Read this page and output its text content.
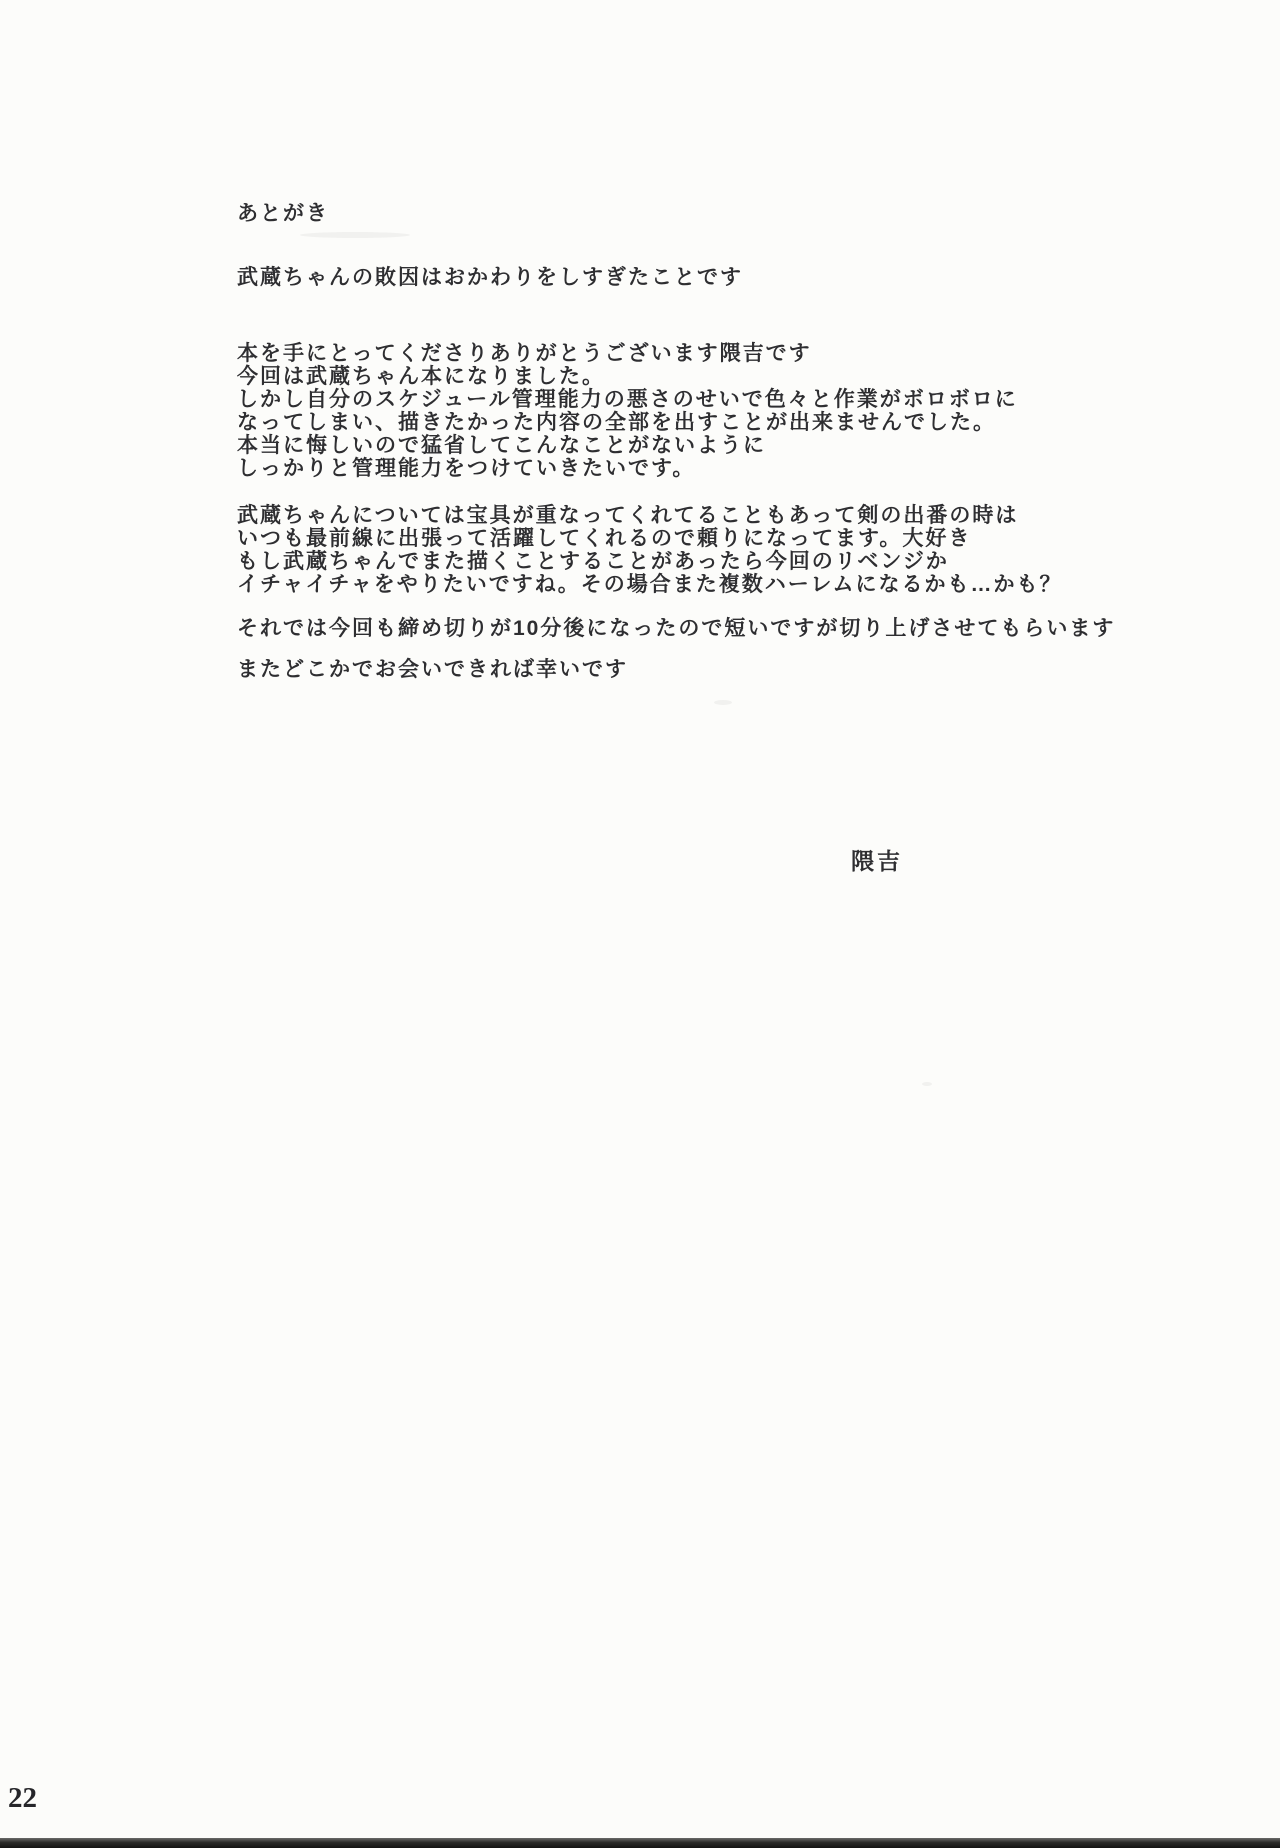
あとがき
武蔵ちゃんの敗因はおかわりをしすぎたことです
本を手にとってくださりありがとうございます隈吉です
今回は武蔵ちゃん本になりました。
しかし自分のスケジュール管理能力の悪さのせいで色々と作業がボロボロに
なってしまい、描きたかった内容の全部を出すことが出来ませんでした。
本当に悔しいので猛省してこんなことがないように
しっかりと管理能力をつけていきたいです。
武蔵ちゃんについては宝具が重なってくれてることもあって剣の出番の時は
いつも最前線に出張って活躍してくれるので頼りになってます。大好き
もし武蔵ちゃんでまた描くことすることがあったら今回のリベンジか
イチャイチャをやりたいですね。その場合また複数ハーレムになるかも…かも？
それでは今回も締め切りが10分後になったので短いですが切り上げさせてもらいます
またどこかでお会いできれば幸いです
隈吉
22
